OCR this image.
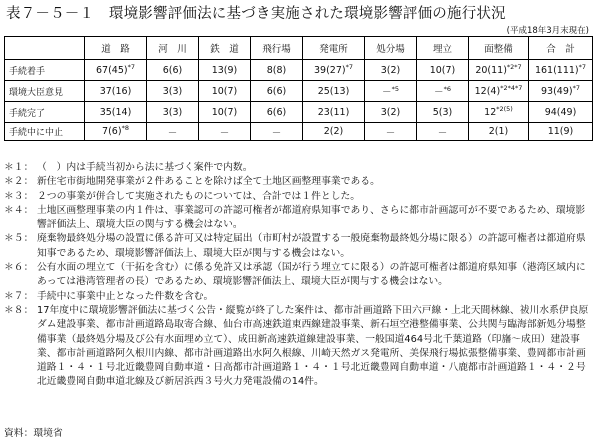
表７－５－１　環境影響評価法に基づき実施された環境影響評価の施行状況
(平成18年3月末現在)
	道　路	河　川	鉄　道	飛行場	発電所	処分場	埋立	面整備	合　計
手続着手	67(45)$^{*7}$	6(6)	13(9)	8(8)	39(27)$^{*7}$	3(2)	10(7)	20(11)$^{*2*7}$	161(111)$^{*7}$
環境大臣意見	37(16)	3(3)	10(7)	6(6)	25(13)	－$^{*5}$	－$^{*6}$	12(4)$^{*2*4*7}$	93(49)$^{*7}$
手続完了	35(14)	3(3)	10(7)	6(6)	23(11)	3(2)	5(3)	12$^{*2(5)}$	94(49)
手続中に中止	7(6)$^{*8}$	－	－	－	2(2)	－	－	2(1)	11(9)
＊１： （　）内は手続当初から法に基づく案件で内数。
＊２： 新住宅市街地開発事業が２件あることを除けば全て土地区画整理事業である。
＊３： ２つの事業が併合して実施されたものについては、合計では１件とした。
＊４： 土地区画整理事業の内１件は、事業認可の許認可権者が都道府県知事であり、さらに都市計画認可が不要であるため、環境影響評価法上、環境大臣の関与する機会はない。
＊５： 廃棄物最終処分場の設置に係る許可又は特定届出（市町村が設置する一般廃棄物最終処分場に限る）の許認可権者は都道府県知事であるため、環境影響評価法上、環境大臣が関与する機会はない。
＊６： 公有水面の埋立て（干拓を含む）に係る免許又は承認（国が行う埋立てに限る）の許認可権者は都道府県知事（港湾区域内にあっては港湾管理者の長）であるため、環境影響評価法上、環境大臣が関与する機会はない。
＊７： 手続中に事業中止となった件数を含む。
＊８： 17年度中に環境影響評価法に基づく公告・縦覧が終了した案件は、都市計画道路下田六戸線・上北天間林線、祓川水系伊良原ダム建設事業、都市計画道路島取寄合線、仙台市高速鉄道東西線建設事業、新石垣空港整備事業、公共関与臨海部新処分場整備事業（最終処分場及び公有水面埋め立て）、成田新高速鉄道線建設事業、一般国道464号北千葉道路（印旛～成田）建設事業、都市計画道路阿久根川内線、都市計画道路出水阿久根線、川崎天然ガス発電所、美保飛行場拡張整備事業、豊岡都市計画道路１・４・１号北近畿豊岡自動車道・日高都市計画道路１・４・１号北近畿豊岡自動車道・八鹿都市計画道路１・４・２号北近畿豊岡自動車道北線及び新居浜西３号火力発電設備の14件。
資料：環境省
